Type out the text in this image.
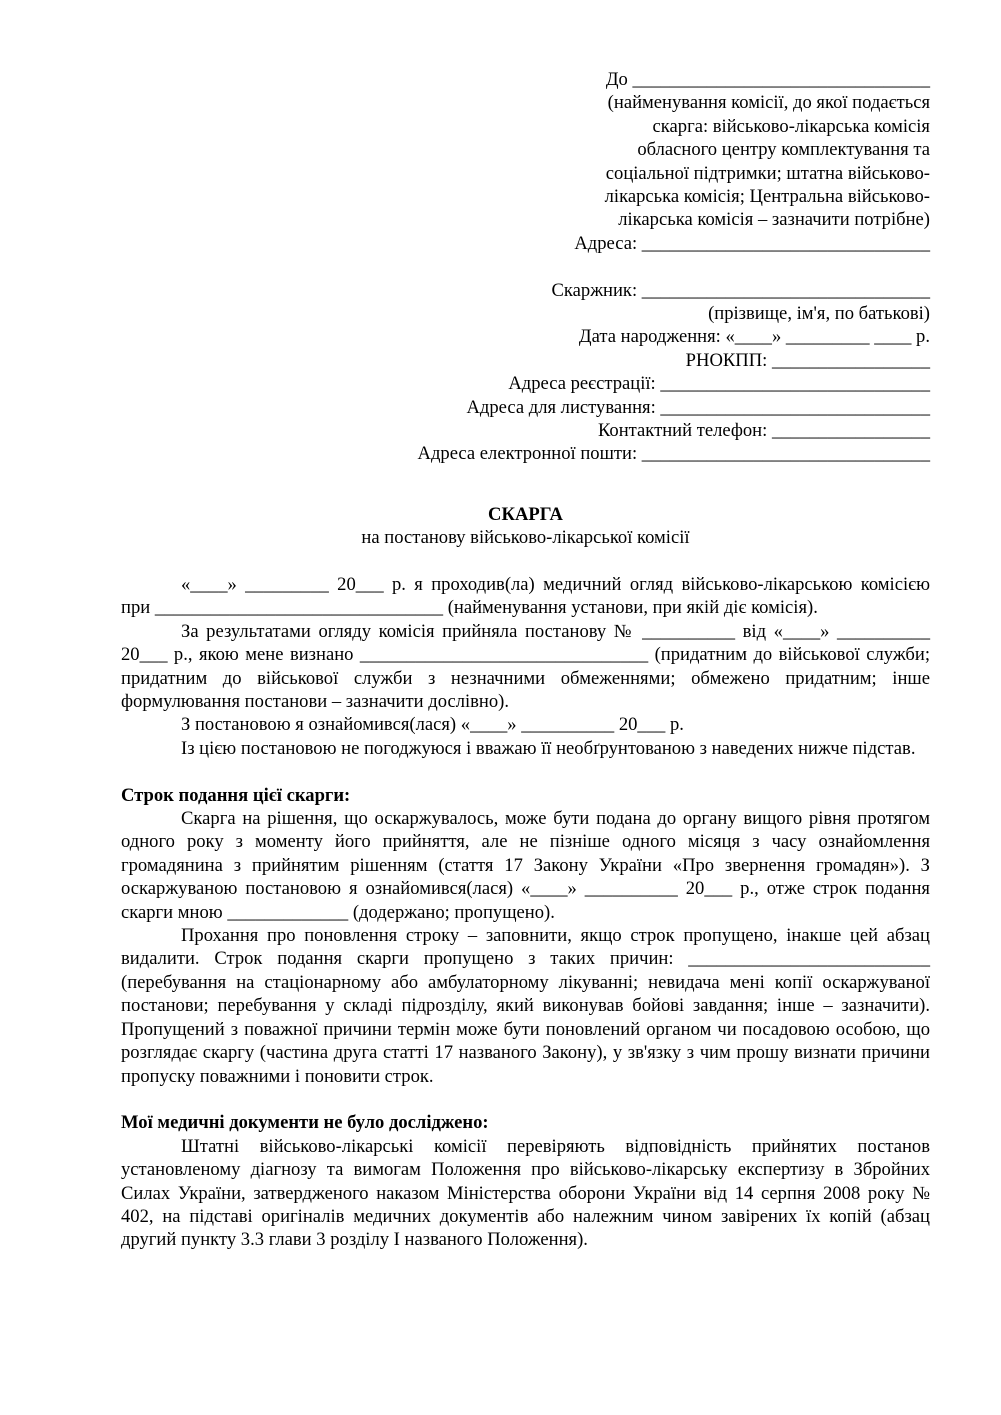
До ________________________________
(найменування комісії, до якої подається
скарга: військово-лікарська комісія
обласного центру комплектування та
соціальної підтримки; штатна військово-
лікарська комісія; Центральна військово-
лікарська комісія – зазначити потрібне)
Адреса: _______________________________
Скаржник: _______________________________
(прізвище, ім'я, по батькові)
Дата народження: «____» _________ ____ р.
РНОКПП: _________________
Адреса реєстрації: _____________________________
Адреса для листування: _____________________________
Контактний телефон: _________________
Адреса електронної пошти: _______________________________
СКАРГА
на постанову військово-лікарської комісії

«____» _________ 20___ р. я проходив(ла) медичний огляд військово-лікарською комісією при _______________________________ (найменування установи, при якій діє комісія).

За результатами огляду комісія прийняла постанову № __________ від «____» __________ 20___ р., якою мене визнано _______________________________ (придатним до військової служби; придатним до військової служби з незначними обмеженнями; обмежено придатним; інше формулювання постанови – зазначити дослівно).

З постановою я ознайомився(лася) «____» __________ 20___ р.

Із цією постановою не погоджуюся і вважаю її необґрунтованою з наведених нижче підстав.

Строк подання цієї скарги:

Скарга на рішення, що оскаржувалось, може бути подана до органу вищого рівня протягом одного року з моменту його прийняття, але не пізніше одного місяця з часу ознайомлення громадянина з прийнятим рішенням (стаття 17 Закону України «Про звернення громадян»). З оскаржуваною постановою я ознайомився(лася) «____» __________ 20___ р., отже строк подання скарги мною _____________ (додержано; пропущено).

Прохання про поновлення строку – заповнити, якщо строк пропущено, інакше цей абзац видалити. Строк подання скарги пропущено з таких причин: __________________________ (перебування на стаціонарному або амбулаторному лікуванні; невидача мені копії оскаржуваної постанови; перебування у складі підрозділу, який виконував бойові завдання; інше – зазначити). Пропущений з поважної причини термін може бути поновлений органом чи посадовою особою, що розглядає скаргу (частина друга статті 17 названого Закону), у зв'язку з чим прошу визнати причини пропуску поважними і поновити строк.

Мої медичні документи не було досліджено:

Штатні військово-лікарські комісії перевіряють відповідність прийнятих постанов установленому діагнозу та вимогам Положення про військово-лікарську експертизу в Збройних Силах України, затвердженого наказом Міністерства оборони України від 14 серпня 2008 року № 402, на підставі оригіналів медичних документів або належним чином завірених їх копій (абзац другий пункту 3.3 глави 3 розділу I названого Положення).
